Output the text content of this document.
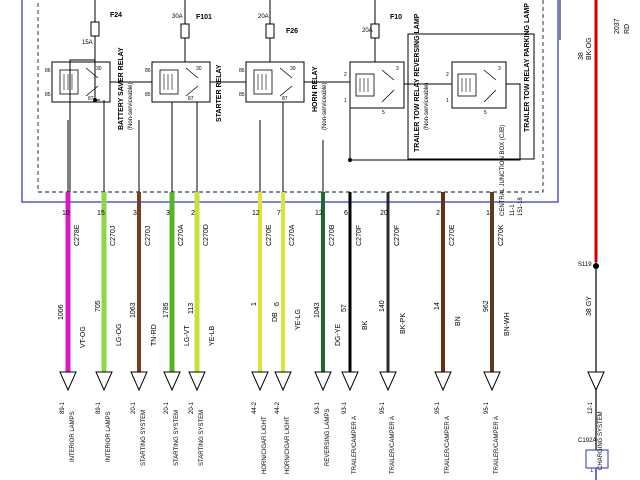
F24
15A
F101
30A
F26
20A	F10
20A
86
85
30
87
86
85
30
87
86
85
30
87
2
1
3
5
2
1
3
5
BATTERY SAVER RELAY (Non-serviceable)	STARTER RELAY	HORN RELAY (Non-serviceable)	TRAILER TOW RELAY REVERSING LAMP (Non-serviceable)	TRAILER TOW RELAY PARKING LAMP
CENTRAL JUNCTION BOX (CJB) 11-1 151-18
38 BK-OG
2037 RD
S119
38 GY
C192A
1
10
C278E
1006
VT-OG
89-1
INTERIOR LAMPS
15
C270J
705
LG-OG
89-1
INTERIOR LAMPS
3
C270J
1063
TN-RD
20-1
STARTING SYSTEM
3
C270A
1785
LG-VT
20-1
STARTING SYSTEM
2
C270D
113
YE-LB
20-1
STARTING SYSTEM
12
C270E
1
DB
44-2
HORN/CIGAR LIGHT
7
C270A
6
YE-LG
44-2
HORN/CIGAR LIGHT
12
C270B
1043
DG-YE
93-1
REVERSING LAMPS
6
C270F
57
BK
93-1
TRAILER/CAMPER A
20
C270F
140
BK-PK
95-1
TRAILER/CAMPER A
2
C270E
14
BN
95-1
TRAILER/CAMPER A
1
C270K
962
BN-WH
95-1
TRAILER/CAMPER A
12-1
CHARGING SYSTEM
